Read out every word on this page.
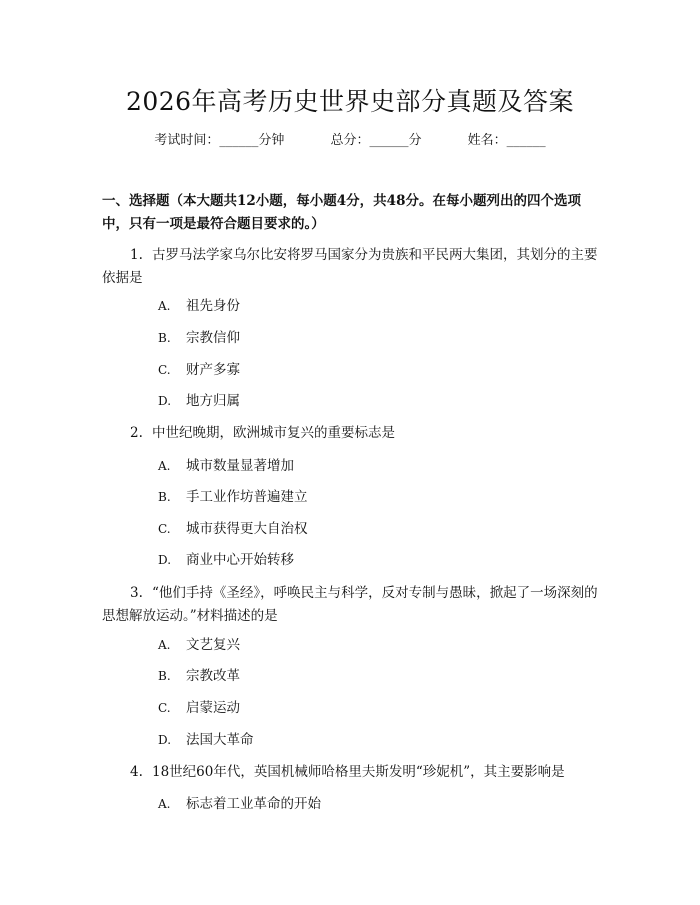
2026年高考历史世界史部分真题及答案
考试时间：______分钟	总分：______分	姓名：______
一、选择题（本大题共12小题，每小题4分，共48分。在每小题列出的四个选项中，只有一项是最符合题目要求的。）
1. 古罗马法学家乌尔比安将罗马国家分为贵族和平民两大集团，其划分的主要依据是
A. 祖先身份
B. 宗教信仰
C. 财产多寡
D. 地方归属
2. 中世纪晚期，欧洲城市复兴的重要标志是
A. 城市数量显著增加
B. 手工业作坊普遍建立
C. 城市获得更大自治权
D. 商业中心开始转移
3. “他们手持《圣经》，呼唤民主与科学，反对专制与愚昧，掀起了一场深刻的思想解放运动。”材料描述的是
A. 文艺复兴
B. 宗教改革
C. 启蒙运动
D. 法国大革命
4. 18世纪60年代，英国机械师哈格里夫斯发明“珍妮机”，其主要影响是
A. 标志着工业革命的开始
